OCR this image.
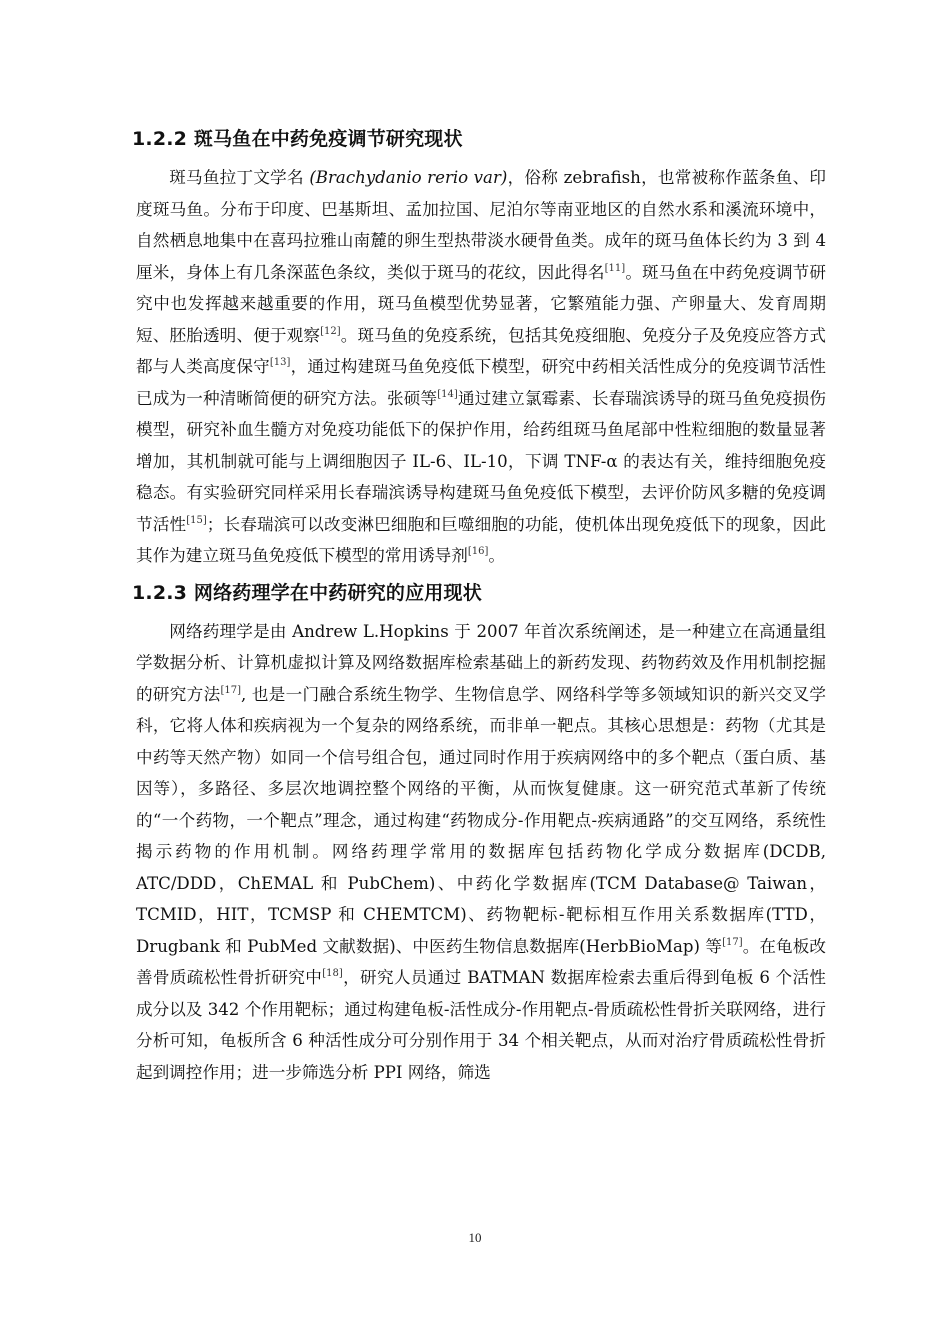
1.2.2 斑马鱼在中药免疫调节研究现状

斑马鱼拉丁文学名 (Brachydanio rerio var)，俗称 zebrafish，也常被称作蓝条鱼、印度斑马鱼。分布于印度、巴基斯坦、孟加拉国、尼泊尔等南亚地区的自然水系和溪流环境中，自然栖息地集中在喜玛拉雅山南麓的卵生型热带淡水硬骨鱼类。成年的斑马鱼体长约为 3 到 4 厘米，身体上有几条深蓝色条纹，类似于斑马的花纹，因此得名[11]。斑马鱼在中药免疫调节研究中也发挥越来越重要的作用，斑马鱼模型优势显著，它繁殖能力强、产卵量大、发育周期短、胚胎透明、便于观察[12]。斑马鱼的免疫系统，包括其免疫细胞、免疫分子及免疫应答方式都与人类高度保守[13]，通过构建斑马鱼免疫低下模型，研究中药相关活性成分的免疫调节活性已成为一种清晰简便的研究方法。张硕等[14]通过建立氯霉素、长春瑞滨诱导的斑马鱼免疫损伤模型，研究补血生髓方对免疫功能低下的保护作用，给药组斑马鱼尾部中性粒细胞的数量显著增加，其机制就可能与上调细胞因子 IL-6、IL-10，下调 TNF-α 的表达有关，维持细胞免疫稳态。有实验研究同样采用长春瑞滨诱导构建斑马鱼免疫低下模型，去评价防风多糖的免疫调节活性[15]；长春瑞滨可以改变淋巴细胞和巨噬细胞的功能，使机体出现免疫低下的现象，因此其作为建立斑马鱼免疫低下模型的常用诱导剂[16]。

1.2.3 网络药理学在中药研究的应用现状

网络药理学是由 Andrew L.Hopkins 于 2007 年首次系统阐述，是一种建立在高通量组学数据分析、计算机虚拟计算及网络数据库检索基础上的新药发现、药物药效及作用机制挖掘的研究方法[17], 也是一门融合系统生物学、生物信息学、网络科学等多领域知识的新兴交叉学科，它将人体和疾病视为一个复杂的网络系统，而非单一靶点。其核心思想是：药物（尤其是中药等天然产物）如同一个信号组合包，通过同时作用于疾病网络中的多个靶点（蛋白质、基因等），多路径、多层次地调控整个网络的平衡，从而恢复健康。这一研究范式革新了传统的“一个药物，一个靶点”理念，通过构建“药物成分-作用靶点-疾病通路”的交互网络，系统性揭示药物的作用机制。网络药理学常用的数据库包括药物化学成分数据库(DCDB, ATC/DDD，ChEMAL 和 PubChem)、中药化学数据库(TCM Database@ Taiwan，TCMID，HIT，TCMSP 和 CHEMTCM)、药物靶标-靶标相互作用关系数据库(TTD，Drugbank 和 PubMed 文献数据)、中医药生物信息数据库(HerbBioMap) 等[17]。在龟板改善骨质疏松性骨折研究中[18]，研究人员通过 BATMAN 数据库检索去重后得到龟板 6 个活性成分以及 342 个作用靶标；通过构建龟板-活性成分-作用靶点-骨质疏松性骨折关联网络，进行分析可知，龟板所含 6 种活性成分可分别作用于 34 个相关靶点，从而对治疗骨质疏松性骨折起到调控作用；进一步筛选分析 PPI 网络，筛选

10
